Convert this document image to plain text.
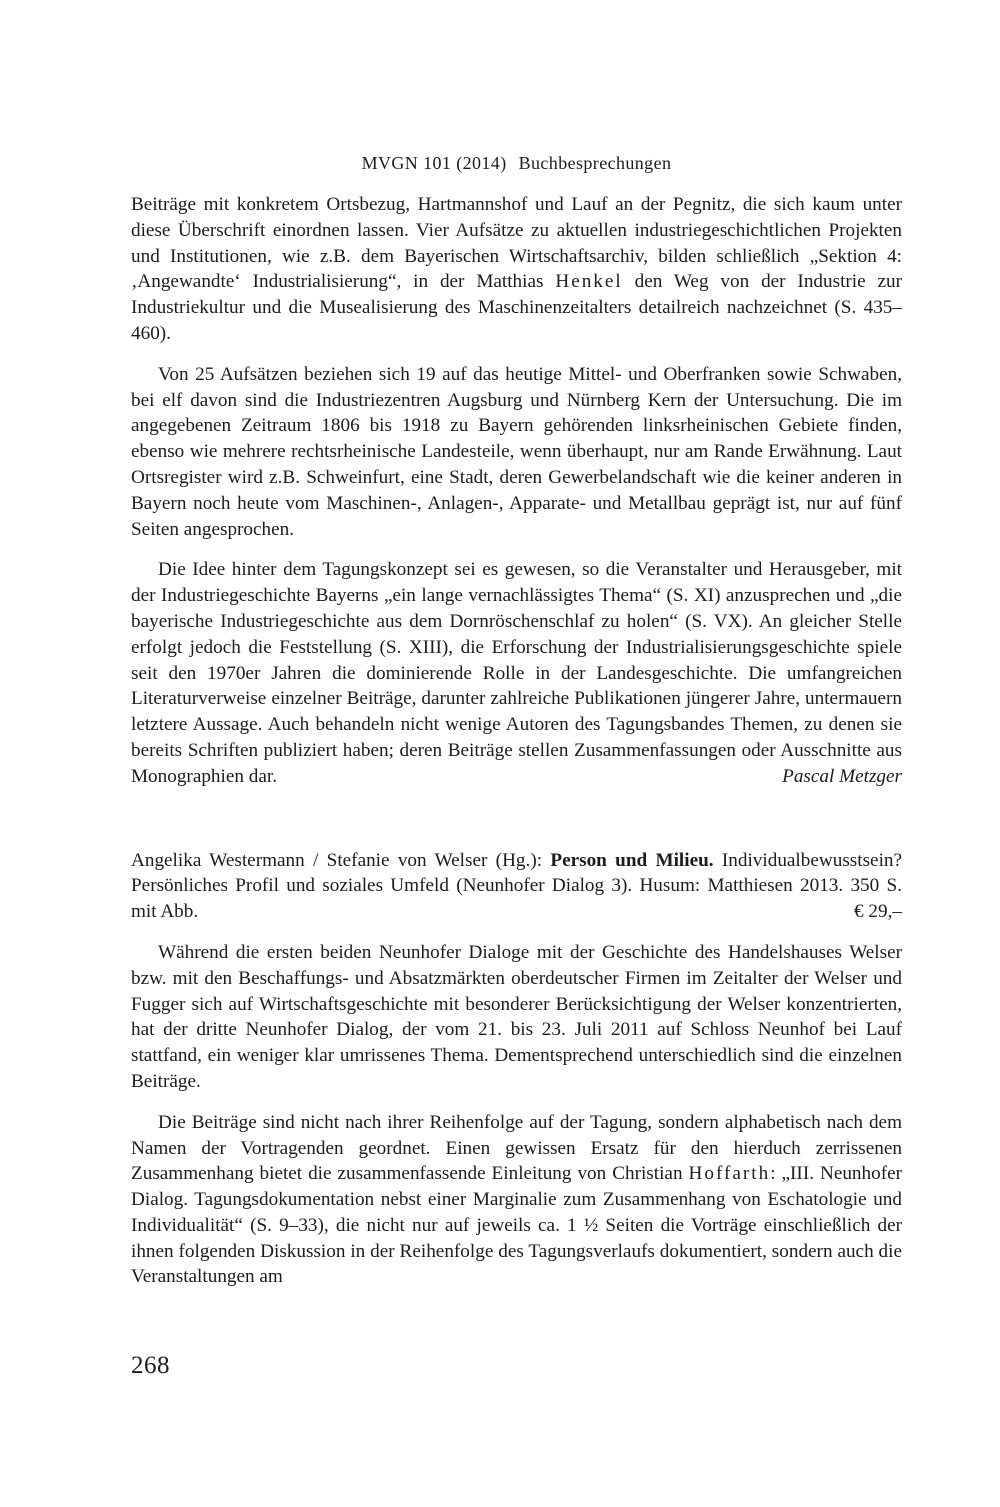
MVGN 101 (2014) Buchbesprechungen

Beiträge mit konkretem Ortsbezug, Hartmannshof und Lauf an der Pegnitz, die sich kaum unter diese Überschrift einordnen lassen. Vier Aufsätze zu aktuellen industriegeschichtlichen Projekten und Institutionen, wie z.B. dem Bayerischen Wirtschaftsarchiv, bilden schließlich „Sektion 4: ‚Angewandte‘ Industrialisierung“, in der Matthias Henkel den Weg von der Industrie zur Industriekultur und die Musealisierung des Maschinenzeitalters detailreich nachzeichnet (S. 435–460).

Von 25 Aufsätzen beziehen sich 19 auf das heutige Mittel- und Oberfranken sowie Schwaben, bei elf davon sind die Industriezentren Augsburg und Nürnberg Kern der Untersuchung. Die im angegebenen Zeitraum 1806 bis 1918 zu Bayern gehörenden linksrheinischen Gebiete finden, ebenso wie mehrere rechtsrheinische Landesteile, wenn überhaupt, nur am Rande Erwähnung. Laut Ortsregister wird z.B. Schweinfurt, eine Stadt, deren Gewerbelandschaft wie die keiner anderen in Bayern noch heute vom Maschinen-, Anlagen-, Apparate- und Metallbau geprägt ist, nur auf fünf Seiten angesprochen.

Die Idee hinter dem Tagungskonzept sei es gewesen, so die Veranstalter und Herausgeber, mit der Industriegeschichte Bayerns „ein lange vernachlässigtes Thema“ (S. XI) anzusprechen und „die bayerische Industriegeschichte aus dem Dornröschenschlaf zu holen“ (S. VX). An gleicher Stelle erfolgt jedoch die Feststellung (S. XIII), die Erforschung der Industrialisierungsgeschichte spiele seit den 1970er Jahren die dominierende Rolle in der Landesgeschichte. Die umfangreichen Literaturverweise einzelner Beiträge, darunter zahlreiche Publikationen jüngerer Jahre, untermauern letztere Aussage. Auch behandeln nicht wenige Autoren des Tagungsbandes Themen, zu denen sie bereits Schriften publiziert haben; deren Beiträge stellen Zusammenfassungen oder Ausschnitte aus Monographien dar.	Pascal Metzger

Angelika Westermann / Stefanie von Welser (Hg.): Person und Milieu. Individualbewusstsein? Persönliches Profil und soziales Umfeld (Neunhofer Dialog 3). Husum: Matthiesen 2013. 350 S. mit Abb.	€ 29,–

Während die ersten beiden Neunhofer Dialoge mit der Geschichte des Handelshauses Welser bzw. mit den Beschaffungs- und Absatzmärkten oberdeutscher Firmen im Zeitalter der Welser und Fugger sich auf Wirtschaftsgeschichte mit besonderer Berücksichtigung der Welser konzentrierten, hat der dritte Neunhofer Dialog, der vom 21. bis 23. Juli 2011 auf Schloss Neunhof bei Lauf stattfand, ein weniger klar umrissenes Thema. Dementsprechend unterschiedlich sind die einzelnen Beiträge.

Die Beiträge sind nicht nach ihrer Reihenfolge auf der Tagung, sondern alphabetisch nach dem Namen der Vortragenden geordnet. Einen gewissen Ersatz für den hierduch zerrissenen Zusammenhang bietet die zusammenfassende Einleitung von Christian Hoffarth: „III. Neunhofer Dialog. Tagungsdokumentation nebst einer Marginalie zum Zusammenhang von Eschatologie und Individualität“ (S. 9–33), die nicht nur auf jeweils ca. 1 ½ Seiten die Vorträge einschließlich der ihnen folgenden Diskussion in der Reihenfolge des Tagungsverlaufs dokumentiert, sondern auch die Veranstaltungen am

268
